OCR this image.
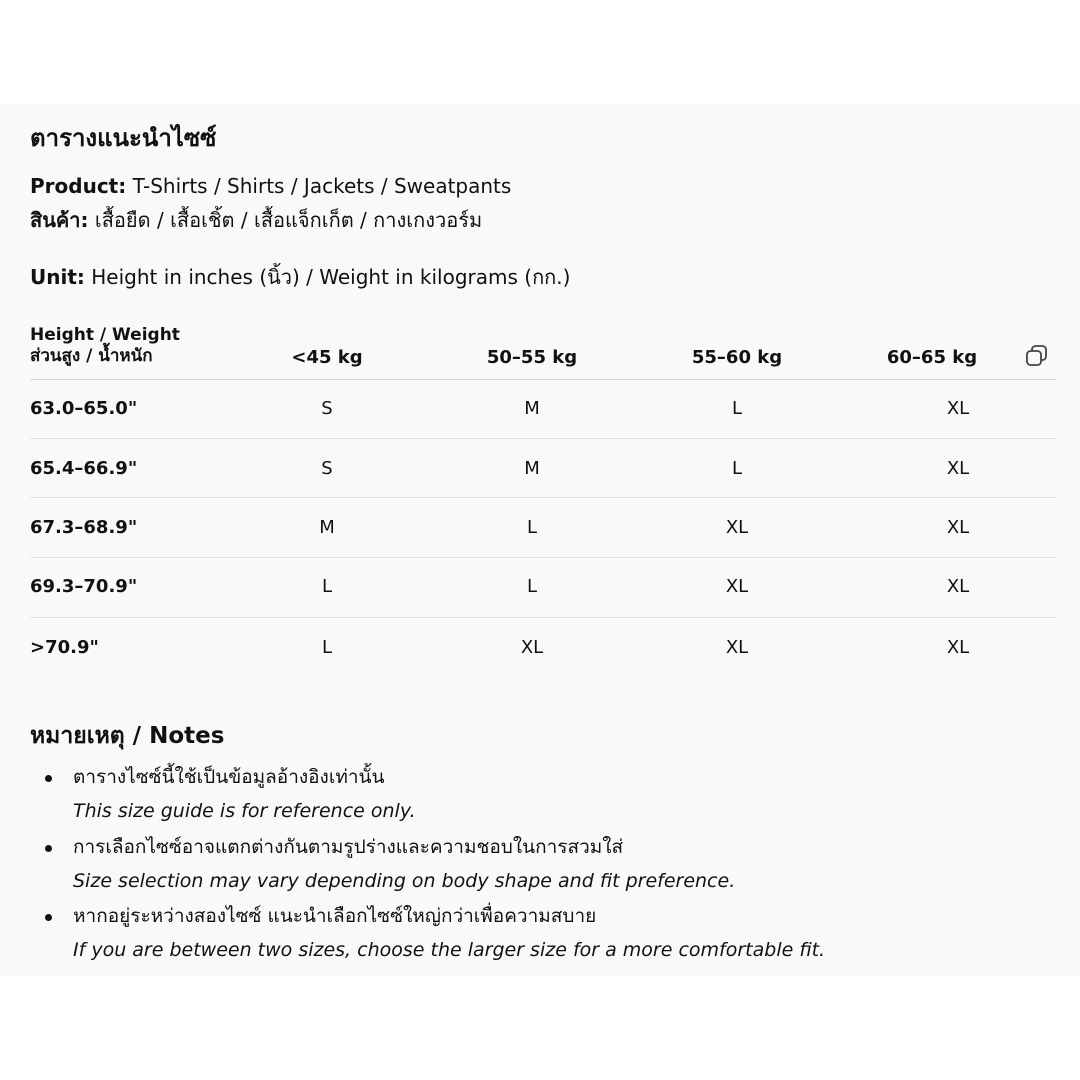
ตารางแนะนำไซซ์
Product: T-Shirts / Shirts / Jackets / Sweatpants
สินค้า: เสื้อยืด / เสื้อเชิ้ต / เสื้อแจ็กเก็ต / กางเกงวอร์ม
Unit: Height in inches (นิ้ว) / Weight in kilograms (กก.)
Height / Weight
ส่วนสูง / น้ำหนัก	<45 kg	50–55 kg	55–60 kg	60–65 kg
63.0–65.0"	S	M	L	XL
65.4–66.9"	S	M	L	XL
67.3–68.9"	M	L	XL	XL
69.3–70.9"	L	L	XL	XL
>70.9"	L	XL	XL	XL
หมายเหตุ / Notes
ตารางไซซ์นี้ใช้เป็นข้อมูลอ้างอิงเท่านั้น
This size guide is for reference only.
การเลือกไซซ์อาจแตกต่างกันตามรูปร่างและความชอบในการสวมใส่
Size selection may vary depending on body shape and fit preference.
หากอยู่ระหว่างสองไซซ์ แนะนำเลือกไซซ์ใหญ่กว่าเพื่อความสบาย
If you are between two sizes, choose the larger size for a more comfortable fit.
